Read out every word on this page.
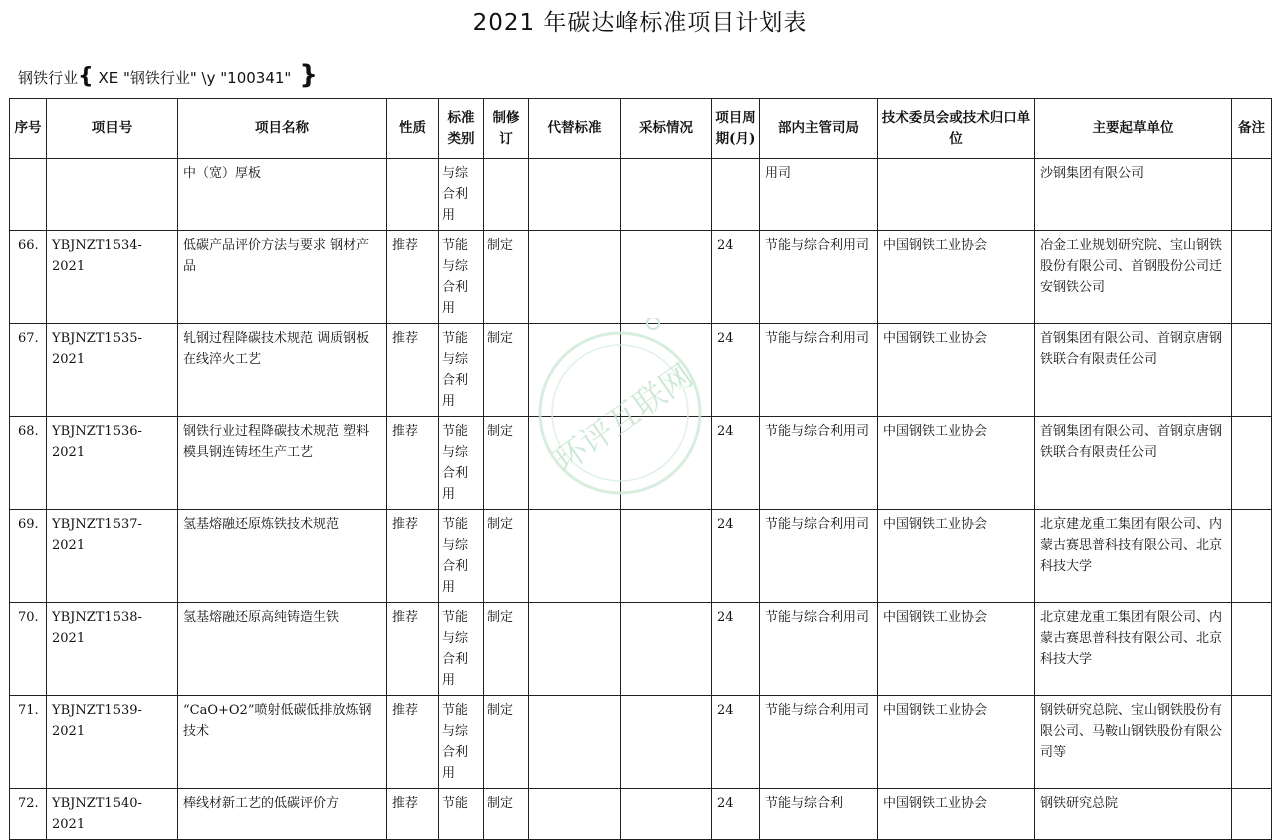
2021 年碳达峰标准项目计划表
钢铁行业{ XE "钢铁行业" \y "100341" }
序号	项目号	项目名称	性质	标准类别	制修订	代替标准	采标情况	项目周期(月)	部内主管司局	技术委员会或技术归口单位	主要起草单位	备注
		中（宽）厚板		与综合利用					用司		沙钢集团有限公司	
66.	YBJNZT1534-2021	低碳产品评价方法与要求 钢材产品	推荐	节能与综合利用	制定			24	节能与综合利用司	中国钢铁工业协会	冶金工业规划研究院、宝山钢铁股份有限公司、首钢股份公司迁安钢铁公司	
67.	YBJNZT1535-2021	轧钢过程降碳技术规范 调质钢板在线淬火工艺	推荐	节能与综合利用	制定			24	节能与综合利用司	中国钢铁工业协会	首钢集团有限公司、首钢京唐钢铁联合有限责任公司	
68.	YBJNZT1536-2021	钢铁行业过程降碳技术规范 塑料模具钢连铸坯生产工艺	推荐	节能与综合利用	制定			24	节能与综合利用司	中国钢铁工业协会	首钢集团有限公司、首钢京唐钢铁联合有限责任公司	
69.	YBJNZT1537-2021	氢基熔融还原炼铁技术规范	推荐	节能与综合利用	制定			24	节能与综合利用司	中国钢铁工业协会	北京建龙重工集团有限公司、内蒙古赛思普科技有限公司、北京科技大学	
70.	YBJNZT1538-2021	氢基熔融还原高纯铸造生铁	推荐	节能与综合利用	制定			24	节能与综合利用司	中国钢铁工业协会	北京建龙重工集团有限公司、内蒙古赛思普科技有限公司、北京科技大学	
71.	YBJNZT1539-2021	“CaO+O2”喷射低碳低排放炼钢技术	推荐	节能与综合利用	制定			24	节能与综合利用司	中国钢铁工业协会	钢铁研究总院、宝山钢铁股份有限公司、马鞍山钢铁股份有限公司等	
72.	YBJNZT1540-2021	棒线材新工艺的低碳评价方	推荐	节能	制定			24	节能与综合利	中国钢铁工业协会	钢铁研究总院	
环评互联网
